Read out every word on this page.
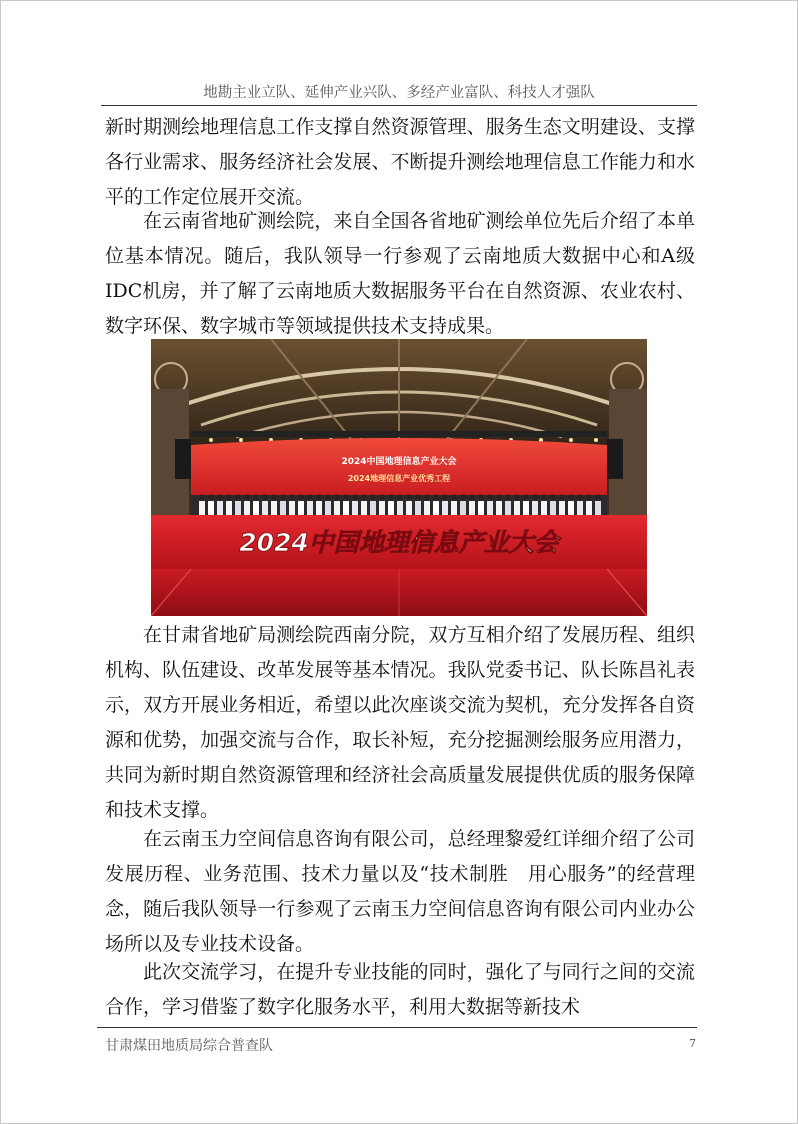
地勘主业立队、延伸产业兴队、多经产业富队、科技人才强队

新时期测绘地理信息工作支撑自然资源管理、服务生态文明建设、支撑各行业需求、服务经济社会发展、不断提升测绘地理信息工作能力和水平的工作定位展开交流。

在云南省地矿测绘院，来自全国各省地矿测绘单位先后介绍了本单位基本情况。随后，我队领导一行参观了云南地质大数据中心和A级IDC机房，并了解了云南地质大数据服务平台在自然资源、农业农村、数字环保、数字城市等领域提供技术支持成果。

2024中国地理信息产业大会
2024地理信息产业优秀工程
2024中国地理信息产业大会

在甘肃省地矿局测绘院西南分院，双方互相介绍了发展历程、组织机构、队伍建设、改革发展等基本情况。我队党委书记、队长陈昌礼表示，双方开展业务相近，希望以此次座谈交流为契机，充分发挥各自资源和优势，加强交流与合作，取长补短，充分挖掘测绘服务应用潜力，共同为新时期自然资源管理和经济社会高质量发展提供优质的服务保障和技术支撑。

在云南玉力空间信息咨询有限公司，总经理黎爱红详细介绍了公司发展历程、业务范围、技术力量以及“技术制胜　用心服务”的经营理念，随后我队领导一行参观了云南玉力空间信息咨询有限公司内业办公场所以及专业技术设备。

此次交流学习，在提升专业技能的同时，强化了与同行之间的交流合作，学习借鉴了数字化服务水平，利用大数据等新技术

甘肃煤田地质局综合普查队	7
